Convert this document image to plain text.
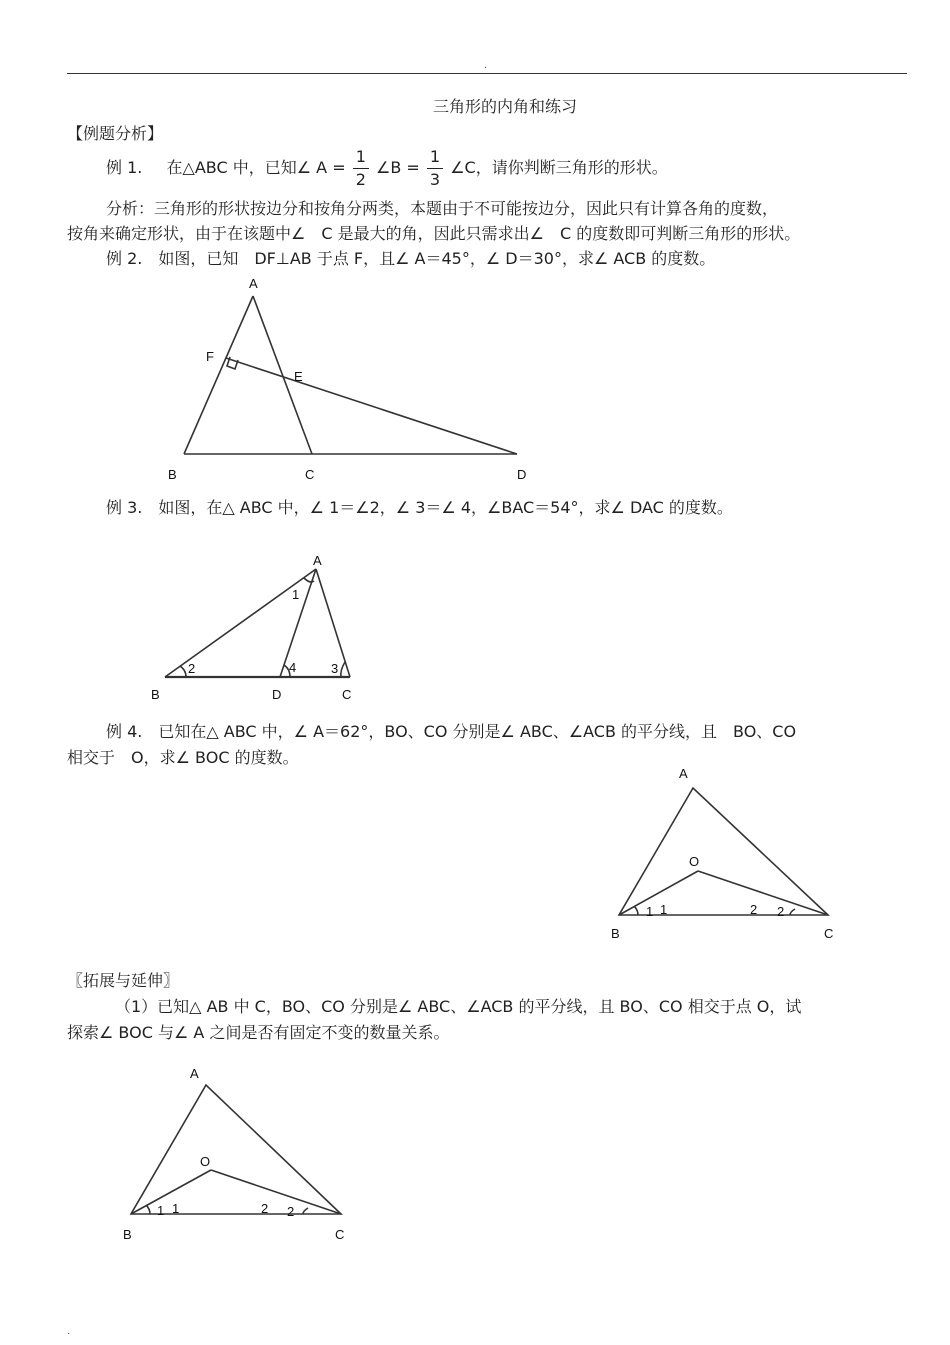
.
三角形的内角和练习
【例题分析】
例 1. 在△ABC 中，已知∠ $A = \frac{1}{2}$ ∠B = $\frac{1}{3}$ ∠C，请你判断三角形的形状。
分析：三角形的形状按边分和按角分两类，本题由于不可能按边分，因此只有计算各角的度数，
按角来确定形状，由于在该题中∠　C 是最大的角，因此只需求出∠　C 的度数即可判断三角形的形状。
例 2.　如图，已知　DF⊥AB 于点 F，且∠ A＝45°，∠ D＝30°，求∠ ACB 的度数。
A
F
E
B	C	D
例 3.　如图，在△ ABC 中，∠ 1＝∠2，∠ 3＝∠ 4，∠BAC＝54°，求∠ DAC 的度数。
A
1
2	4	3
B	D	C
例 4.　已知在△ ABC 中，∠ A＝62°，BO、CO 分别是∠ ABC、∠ACB 的平分线，且　BO、CO
相交于　O，求∠ BOC 的度数。
A
O
1 1	2 2
B	C
〖拓展与延伸〗
（1）已知△ AB 中 C，BO、CO 分别是∠ ABC、∠ACB 的平分线，且 BO、CO 相交于点 O，试
探索∠ BOC 与∠ A 之间是否有固定不变的数量关系。
A
O
1 1	2 2
B	C
.
